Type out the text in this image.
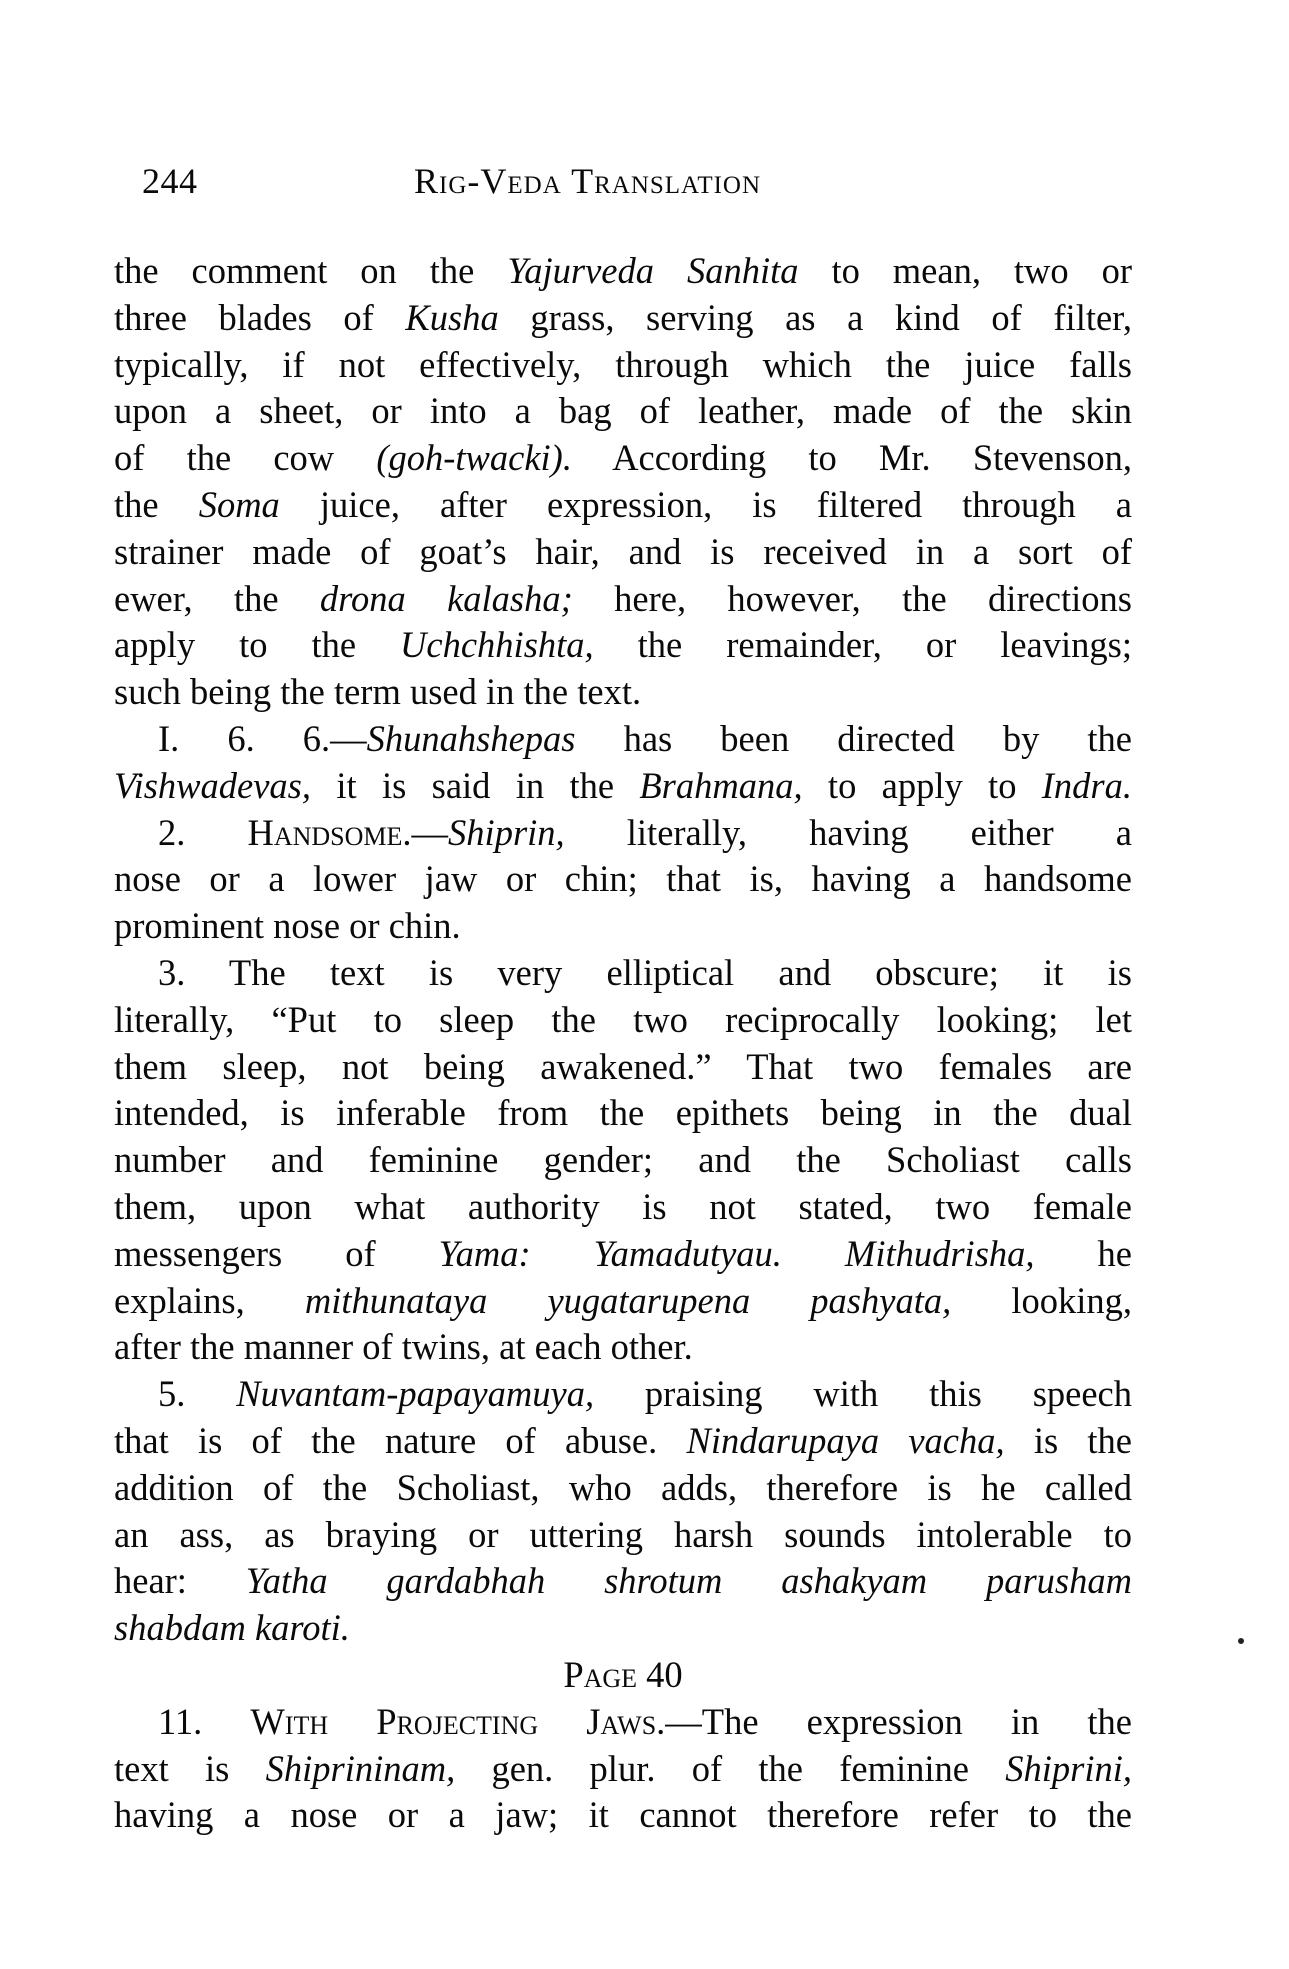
244	Rig-Veda Translation
the comment on the Yajurveda Sanhita to mean, two or
three blades of Kusha grass, serving as a kind of filter,
typically, if not effectively, through which the juice falls
upon a sheet, or into a bag of leather, made of the skin
of the cow (goh-twacki). According to Mr. Stevenson,
the Soma juice, after expression, is filtered through a
strainer made of goat’s hair, and is received in a sort of
ewer, the drona kalasha; here, however, the directions
apply to the Uchchhishta, the remainder, or leavings;
such being the term used in the text.
I. 6. 6.—Shunahshepas has been directed by the
Vishwadevas, it is said in the Brahmana, to apply to Indra.
2. Handsome.—Shiprin, literally, having either a
nose or a lower jaw or chin; that is, having a handsome
prominent nose or chin.
3. The text is very elliptical and obscure; it is
literally, “Put to sleep the two reciprocally looking; let
them sleep, not being awakened.” That two females are
intended, is inferable from the epithets being in the dual
number and feminine gender; and the Scholiast calls
them, upon what authority is not stated, two female
messengers of Yama: Yamadutyau. Mithudrisha, he
explains, mithunataya yugatarupena pashyata, looking,
after the manner of twins, at each other.
5. Nuvantam-papayamuya, praising with this speech
that is of the nature of abuse. Nindarupaya vacha, is the
addition of the Scholiast, who adds, therefore is he called
an ass, as braying or uttering harsh sounds intolerable to
hear: Yatha gardabhah shrotum ashakyam parusham
shabdam karoti.
Page 40
11. With Projecting Jaws.—The expression in the
text is Shiprininam, gen. plur. of the feminine Shiprini,
having a nose or a jaw; it cannot therefore refer to the
